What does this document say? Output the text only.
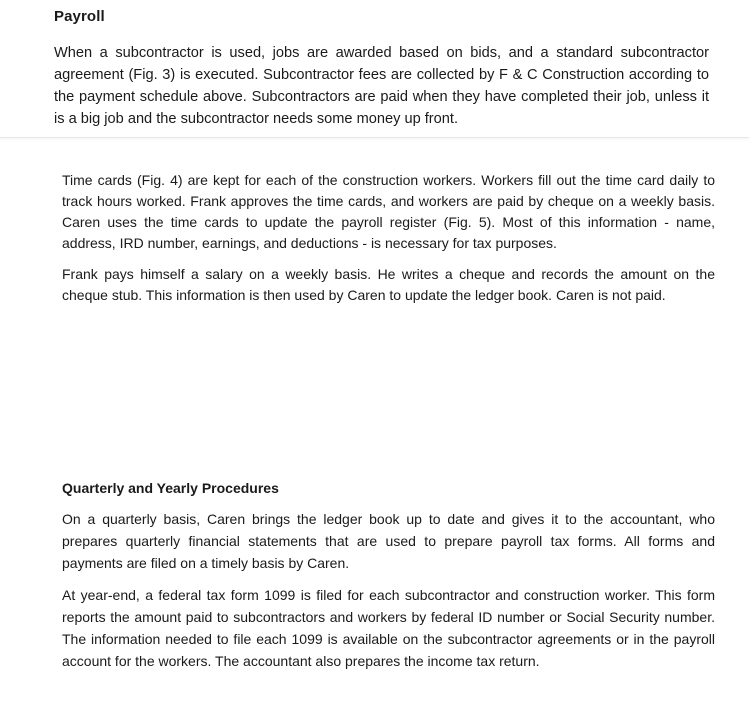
Payroll

When a subcontractor is used, jobs are awarded based on bids, and a standard subcontractor agreement (Fig. 3) is executed. Subcontractor fees are collected by F & C Construction according to the payment schedule above. Subcontractors are paid when they have completed their job, unless it is a big job and the subcontractor needs some money up front.

Time cards (Fig. 4) are kept for each of the construction workers. Workers fill out the time card daily to track hours worked. Frank approves the time cards, and workers are paid by cheque on a weekly basis. Caren uses the time cards to update the payroll register (Fig. 5). Most of this information - name, address, IRD number, earnings, and deductions - is necessary for tax purposes.

Frank pays himself a salary on a weekly basis. He writes a cheque and records the amount on the cheque stub. This information is then used by Caren to update the ledger book. Caren is not paid.

Quarterly and Yearly Procedures

On a quarterly basis, Caren brings the ledger book up to date and gives it to the accountant, who prepares quarterly financial statements that are used to prepare payroll tax forms. All forms and payments are filed on a timely basis by Caren.

At year-end, a federal tax form 1099 is filed for each subcontractor and construction worker. This form reports the amount paid to subcontractors and workers by federal ID number or Social Security number. The information needed to file each 1099 is available on the subcontractor agreements or in the payroll account for the workers. The accountant also prepares the income tax return.
